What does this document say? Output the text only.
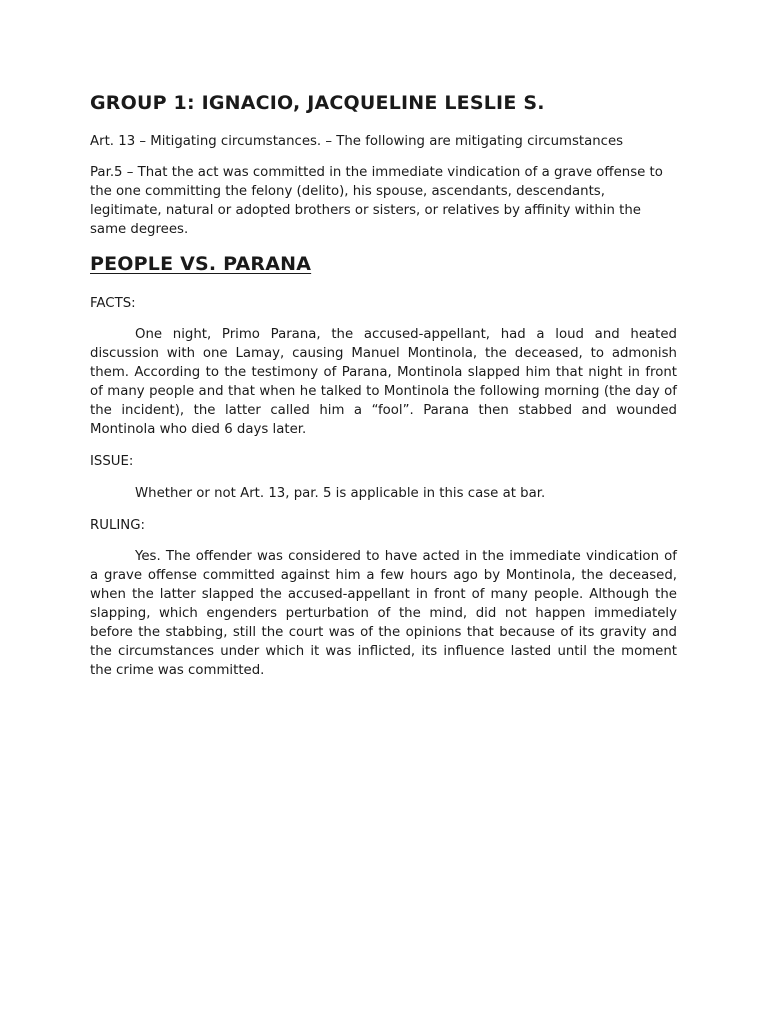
GROUP 1: IGNACIO, JACQUELINE LESLIE S.

Art. 13 – Mitigating circumstances. – The following are mitigating circumstances

Par.5 – That the act was committed in the immediate vindication of a grave offense to the one committing the felony (delito), his spouse, ascendants, descendants, legitimate, natural or adopted brothers or sisters, or relatives by affinity within the same degrees.

PEOPLE VS. PARANA

FACTS:

One night, Primo Parana, the accused-appellant, had a loud and heated discussion with one Lamay, causing Manuel Montinola, the deceased, to admonish them. According to the testimony of Parana, Montinola slapped him that night in front of many people and that when he talked to Montinola the following morning (the day of the incident), the latter called him a “fool”. Parana then stabbed and wounded Montinola who died 6 days later.

ISSUE:

Whether or not Art. 13, par. 5 is applicable in this case at bar.

RULING:

Yes. The offender was considered to have acted in the immediate vindication of a grave offense committed against him a few hours ago by Montinola, the deceased, when the latter slapped the accused-appellant in front of many people. Although the slapping, which engenders perturbation of the mind, did not happen immediately before the stabbing, still the court was of the opinions that because of its gravity and the circumstances under which it was inflicted, its influence lasted until the moment the crime was committed.
